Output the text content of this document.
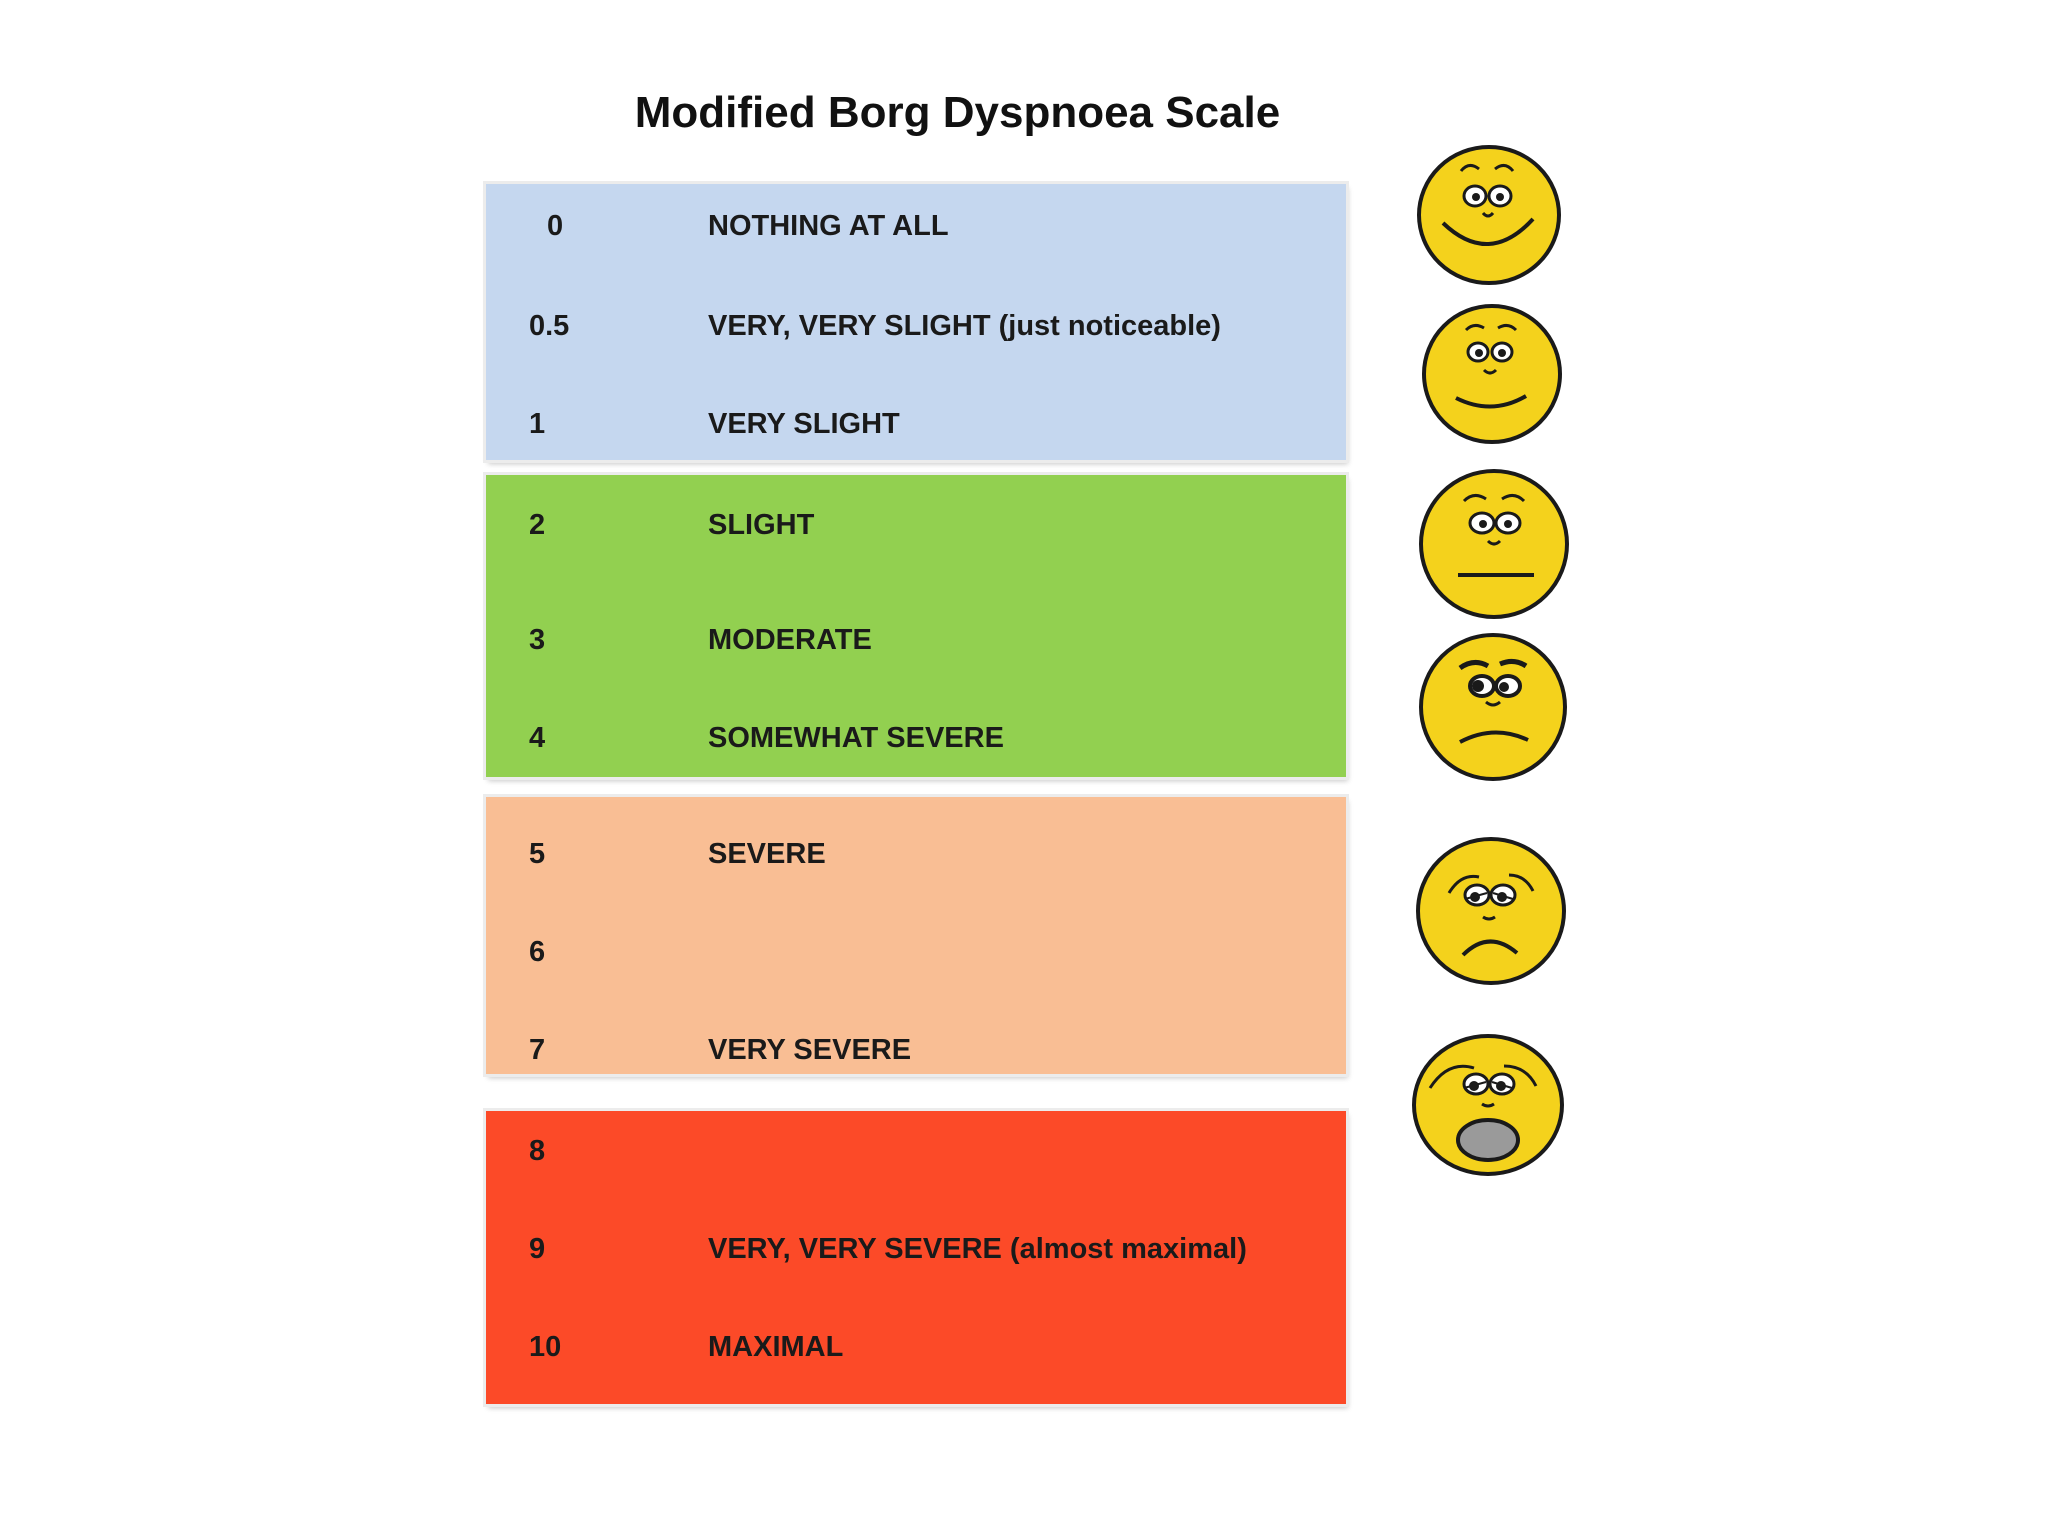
Modified Borg Dyspnoea Scale
0	NOTHING AT ALL
0.5	VERY, VERY SLIGHT (just noticeable)
1	VERY SLIGHT
2	SLIGHT
3	MODERATE
4	SOMEWHAT SEVERE
5	SEVERE
6
7	VERY SEVERE
8
9	VERY, VERY SEVERE (almost maximal)
10	MAXIMAL
